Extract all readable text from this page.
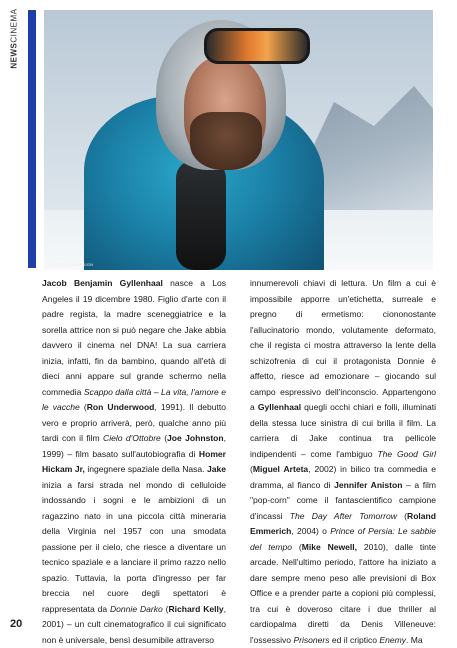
NEWSCINEMA
© KEVIN WINCH/SIGN

Jacob Benjamin Gyllenhaal nasce a Los Angeles il 19 dicembre 1980. Figlio d'arte con il padre regista, la madre sceneggiatrice e la sorella attrice non si può negare che Jake abbia davvero il cinema nel DNA! La sua carriera inizia, infatti, fin da bambino, quando all'età di dieci anni appare sul grande schermo nella commedia Scappo dalla città – La vita, l'amore e le vacche (Ron Underwood, 1991). Il debutto vero e proprio arriverà, però, qualche anno più tardi con il film Cielo d'Ottobre (Joe Johnston, 1999) – film basato sull'autobiografia di Homer Hickam Jr, ingegnere spaziale della Nasa. Jake inizia a farsi strada nel mondo di celluloide indossando i sogni e le ambizioni di un ragazzino nato in una piccola città mineraria della Virginia nel 1957 con una smodata passione per il cielo, che riesce a diventare un tecnico spaziale e a lanciare il primo razzo nello spazio. Tuttavia, la porta d'ingresso per far breccia nel cuore degli spettatori è rappresentata da Donnie Darko (Richard Kelly, 2001) – un cult cinematografico il cui significato non è universale, bensì desumibile attraverso

innumerevoli chiavi di lettura. Un film a cui è impossibile apporre un'etichetta, surreale e pregno di ermetismo: ciononostante l'allucinatorio mondo, volutamente deformato, che il regista ci mostra attraverso la lente della schizofrenia di cui il protagonista Donnie è affetto, riesce ad emozionare – giocando sul campo espressivo dell'inconscio. Appartengono a Gyllenhaal quegli occhi chiari e folli, illuminati della stessa luce sinistra di cui brilla il film. La carriera di Jake continua tra pellicole indipendenti – come l'ambiguo The Good Girl (Miguel Arteta, 2002) in bilico tra commedia e dramma, al fianco di Jennifer Aniston – a film "pop-corn" come il fantascientifico campione d'incassi The Day After Tomorrow (Roland Emmerich, 2004) o Prince of Persia: Le sabbie del tempo (Mike Newell, 2010), dalle tinte arcade. Nell'ultimo periodo, l'attore ha iniziato a dare sempre meno peso alle previsioni di Box Office e a prender parte a copioni più complessi, tra cui è doveroso citare i due thriller al cardiopalma diretti da Denis Villeneuve: l'ossessivo Prisoners ed il criptico Enemy. Ma

20
